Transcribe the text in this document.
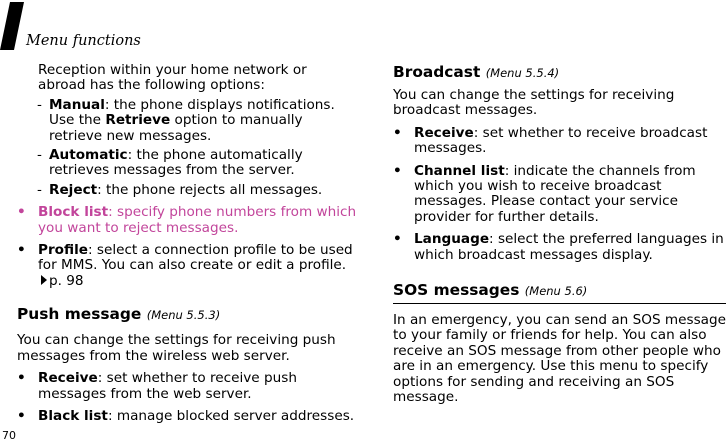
Menu functions
70

Reception within your home network or abroad has the following options:

- Manual: the phone displays notifications. Use the Retrieve option to manually retrieve new messages.
- Automatic: the phone automatically retrieves messages from the server.
- Reject: the phone rejects all messages.
• Block list: specify phone numbers from which you want to reject messages.
• Profile: select a connection profile to be used for MMS. You can also create or edit a profile. p. 98
Push message (Menu 5.5.3)

You can change the settings for receiving push messages from the wireless web server.

• Receive: set whether to receive push messages from the web server.
• Black list: manage blocked server addresses.
Broadcast (Menu 5.5.4)

You can change the settings for receiving broadcast messages.

• Receive: set whether to receive broadcast messages.
• Channel list: indicate the channels from which you wish to receive broadcast messages. Please contact your service provider for further details.
• Language: select the preferred languages in which broadcast messages display.
SOS messages (Menu 5.6)

In an emergency, you can send an SOS message to your family or friends for help. You can also receive an SOS message from other people who are in an emergency. Use this menu to specify options for sending and receiving an SOS message.
